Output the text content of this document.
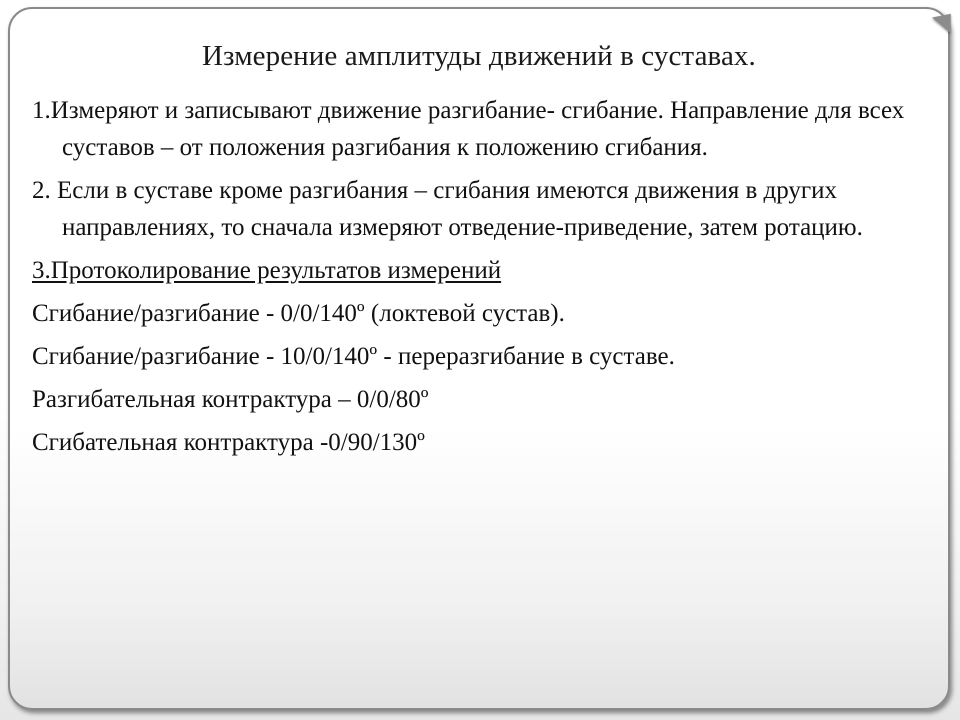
Измерение амплитуды движений в суставах.
1.Измеряют и записывают движение разгибание- сгибание. Направление для всех суставов – от положения разгибания к положению сгибания.
2. Если в суставе кроме разгибания – сгибания имеются движения в других направлениях, то сначала измеряют отведение-приведение, затем ротацию.
3.Протоколирование результатов измерений
Сгибание/разгибание - 0/0/140º (локтевой сустав).
Сгибание/разгибание - 10/0/140º - переразгибание в суставе.
Разгибательная контрактура – 0/0/80º
Сгибательная контрактура -0/90/130º
